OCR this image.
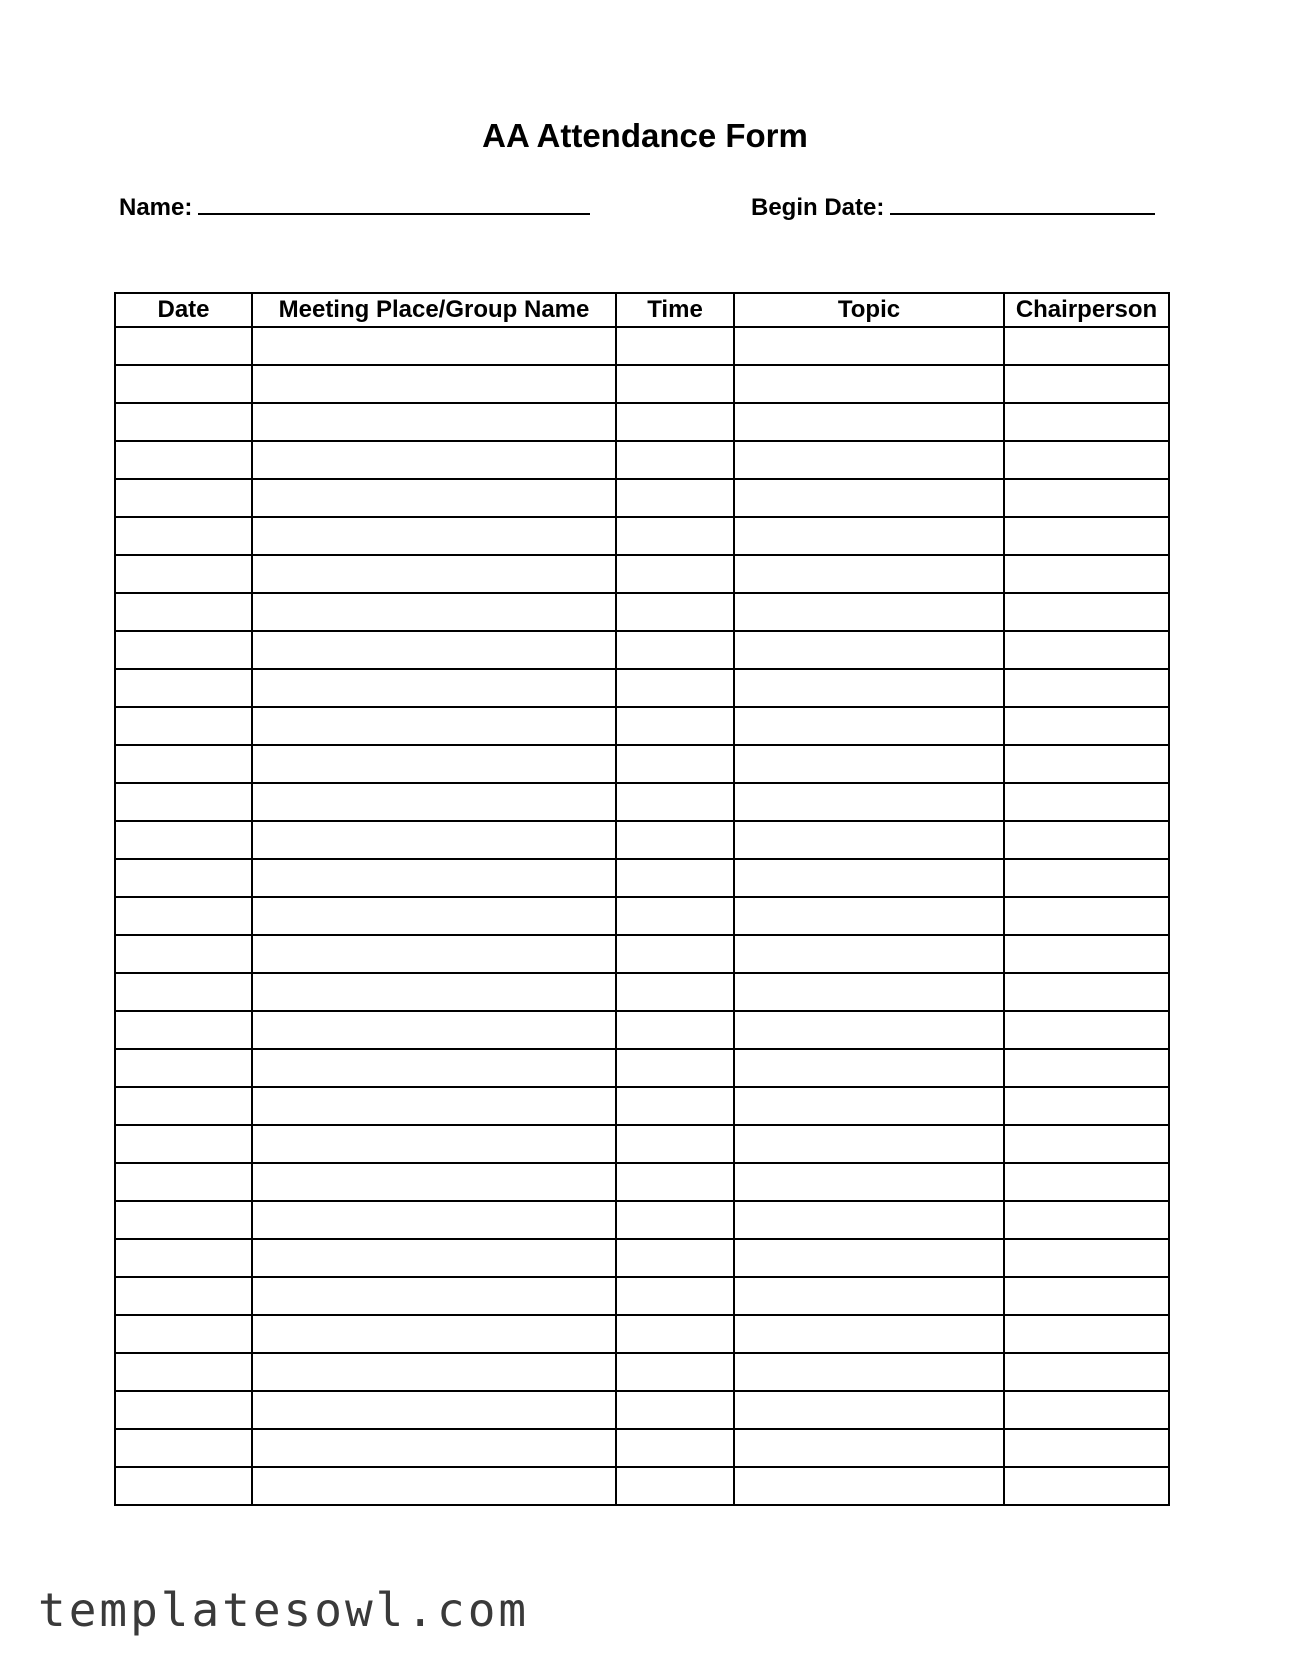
AA Attendance Form
Name:	Begin Date:
Date	Meeting Place/Group Name	Time	Topic	Chairperson

templatesowl.com
